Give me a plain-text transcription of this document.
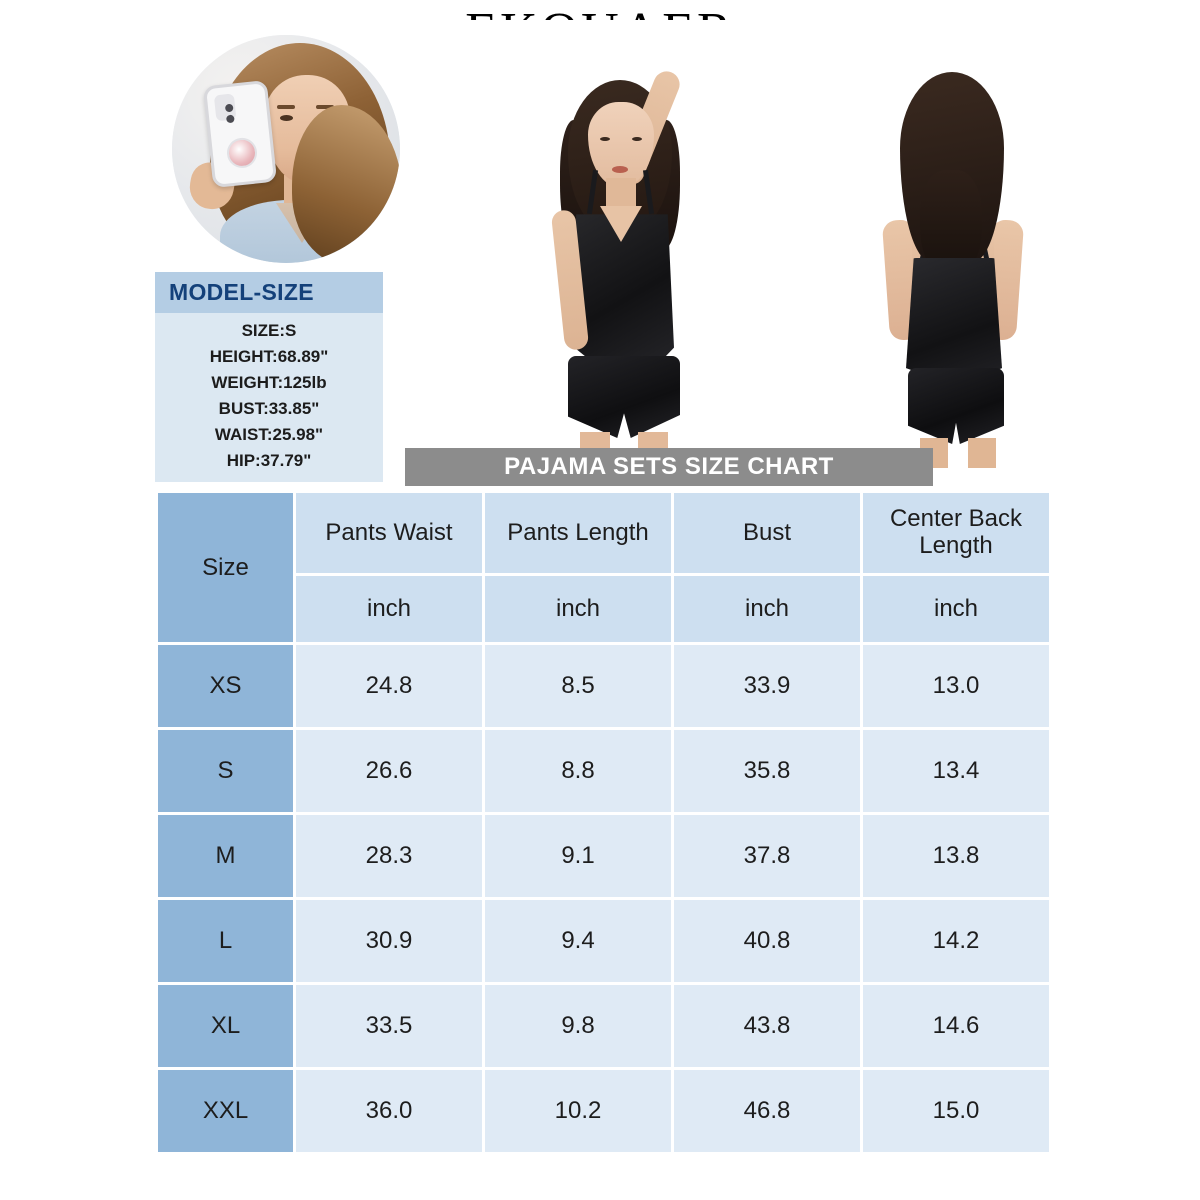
MODEL-SIZE
SIZE:S
HEIGHT:68.89"
WEIGHT:125lb
BUST:33.85"
WAIST:25.98"
HIP:37.79"	PAJAMA SETS SIZE CHART
Size	Pants Waist	Pants Length	Bust	Center Back Length
	inch	inch	inch	inch
XS	24.8	8.5	33.9	13.0
S	26.6	8.8	35.8	13.4
M	28.3	9.1	37.8	13.8
L	30.9	9.4	40.8	14.2
XL	33.5	9.8	43.8	14.6
XXL	36.0	10.2	46.8	15.0
